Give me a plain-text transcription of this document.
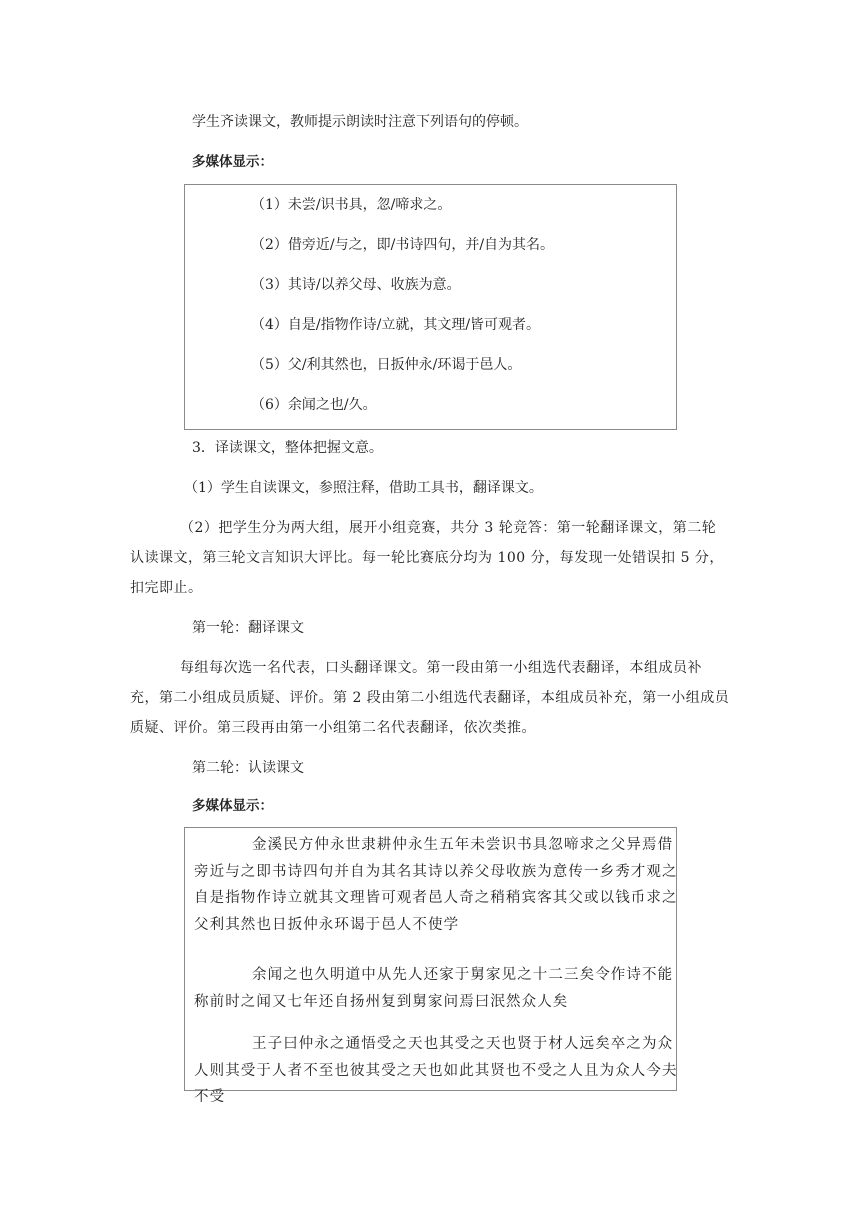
学生齐读课文，教师提示朗读时注意下列语句的停顿。
多媒体显示：
（1）未尝/识书具，忽/啼求之。
（2）借旁近/与之，即/书诗四句，并/自为其名。
（3）其诗/以养父母、收族为意。
（4）自是/指物作诗/立就，其文理/皆可观者。
（5）父/利其然也，日扳仲永/环谒于邑人。
（6）余闻之也/久。
3．译读课文，整体把握文意。
（1）学生自读课文，参照注释，借助工具书，翻译课文。
（2）把学生分为两大组，展开小组竞赛，共分 3 轮竞答：第一轮翻译课文，第二轮认读课文，第三轮文言知识大评比。每一轮比赛底分均为 100 分，每发现一处错误扣 5 分，扣完即止。
第一轮：翻译课文
每组每次选一名代表，口头翻译课文。第一段由第一小组选代表翻译，本组成员补充，第二小组成员质疑、评价。第 2 段由第二小组选代表翻译，本组成员补充，第一小组成员质疑、评价。第三段再由第一小组第二名代表翻译，依次类推。
第二轮：认读课文
多媒体显示：
金溪民方仲永世隶耕仲永生五年未尝识书具忽啼求之父异焉借旁近与之即书诗四句并自为其名其诗以养父母收族为意传一乡秀才观之自是指物作诗立就其文理皆可观者邑人奇之稍稍宾客其父或以钱币求之父利其然也日扳仲永环谒于邑人不使学
余闻之也久明道中从先人还家于舅家见之十二三矣令作诗不能称前时之闻又七年还自扬州复到舅家问焉曰泯然众人矣
王子曰仲永之通悟受之天也其受之天也贤于材人远矣卒之为众人则其受于人者不至也彼其受之天也如此其贤也不受之人且为众人今夫不受
